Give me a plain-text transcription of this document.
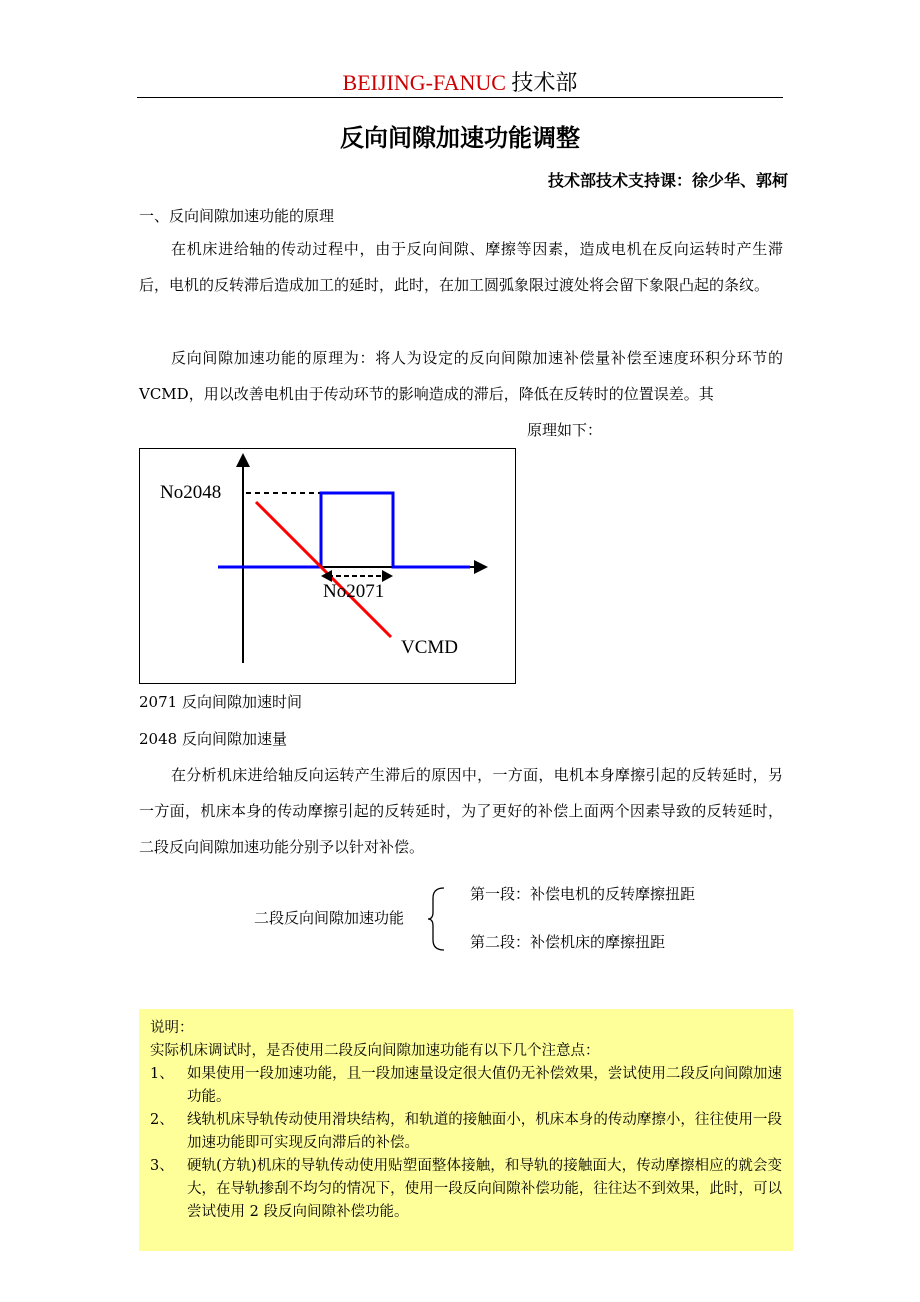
BEIJING-FANUC 技术部
反向间隙加速功能调整
技术部技术支持课：徐少华、郭柯
一、反向间隙加速功能的原理
在机床进给轴的传动过程中，由于反向间隙、摩擦等因素，造成电机在反向运转时产生滞后，电机的反转滞后造成加工的延时，此时，在加工圆弧象限过渡处将会留下象限凸起的条纹。
反向间隙加速功能的原理为：将人为设定的反向间隙加速补偿量补偿至速度环积分环节的 VCMD，用以改善电机由于传动环节的影响造成的滞后，降低在反转时的位置误差。其
原理如下：
No2048
No2071
VCMD
2071 反向间隙加速时间
2048 反向间隙加速量
在分析机床进给轴反向运转产生滞后的原因中，一方面，电机本身摩擦引起的反转延时，另一方面，机床本身的传动摩擦引起的反转延时，为了更好的补偿上面两个因素导致的反转延时，二段反向间隙加速功能分别予以针对补偿。
二段反向间隙加速功能
第一段：补偿电机的反转摩擦扭距
第二段：补偿机床的摩擦扭距
说明：
实际机床调试时，是否使用二段反向间隙加速功能有以下几个注意点：
1、 如果使用一段加速功能，且一段加速量设定很大值仍无补偿效果，尝试使用二段反向间隙加速功能。
2、 线轨机床导轨传动使用滑块结构，和轨道的接触面小，机床本身的传动摩擦小，往往使用一段加速功能即可实现反向滞后的补偿。
3、 硬轨(方轨)机床的导轨传动使用贴塑面整体接触，和导轨的接触面大，传动摩擦相应的就会变大，在导轨掺刮不均匀的情况下，使用一段反向间隙补偿功能，往往达不到效果，此时，可以尝试使用 2 段反向间隙补偿功能。
